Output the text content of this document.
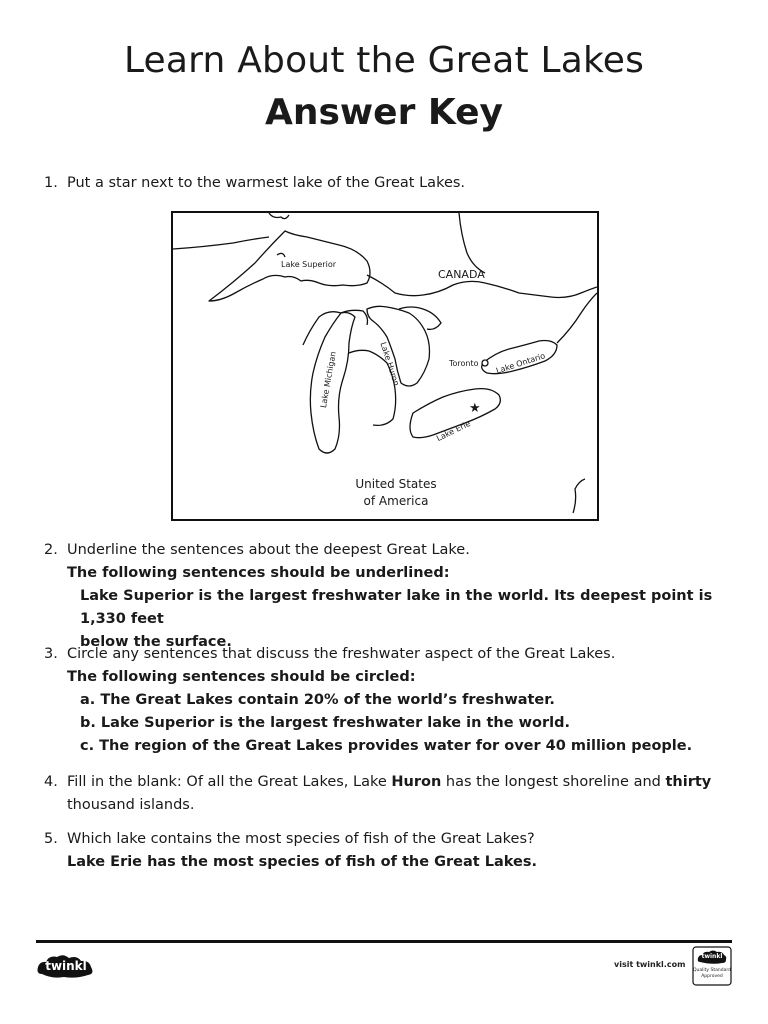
Learn About the Great Lakes
Answer Key
1. Put a star next to the warmest lake of the Great Lakes.
Lake Superior
CANADA
Lake Huron
Lake Michigan	Toronto Lake Ontario
Lake Erie
★
United States
of America
2. Underline the sentences about the deepest Great Lake.
The following sentences should be underlined:
Lake Superior is the largest freshwater lake in the world. Its deepest point is 1,330 feet
below the surface.
3. Circle any sentences that discuss the freshwater aspect of the Great Lakes.
The following sentences should be circled:
a. The Great Lakes contain 20% of the world’s freshwater.
b. Lake Superior is the largest freshwater lake in the world.
c. The region of the Great Lakes provides water for over 40 million people.
4. Fill in the blank: Of all the Great Lakes, Lake Huron has the longest shoreline and thirty
thousand islands.
5. Which lake contains the most species of fish of the Great Lakes?
Lake Erie has the most species of fish of the Great Lakes.
twinkl	visit twinkl.com
twinkl
Quality Standard
Approved
